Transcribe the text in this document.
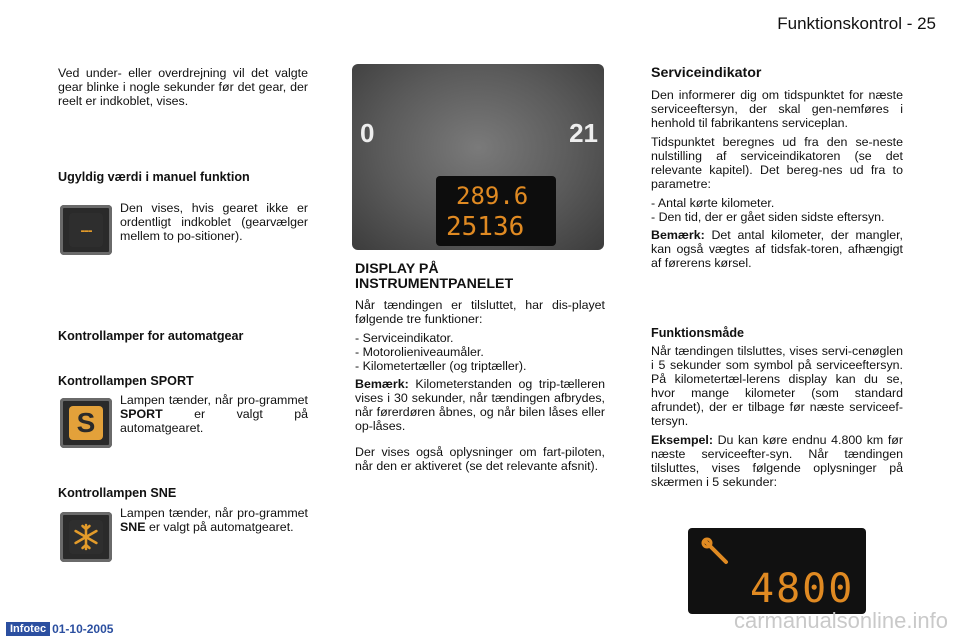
Funktionskontrol - 25

Ved under- eller overdrejning vil det valgte gear blinke i nogle sekunder før det gear, der reelt er indkoblet, vises.

Ugyldig værdi i manuel funktion
---

Den vises, hvis gearet ikke er ordentligt indkoblet (gearvælger mellem to po-sitioner).

Kontrollamper for automatgear
Kontrollampen SPORT
S

Lampen tænder, når pro-grammet SPORT	er valgt på automatgearet.

Kontrollampen SNE

Lampen tænder, når pro-grammet SNE er valgt på automatgearet.

0	21
289.6
25136
DISPLAY PÅ
INSTRUMENTPANELET

Når tændingen er tilsluttet, har dis-playet følgende tre funktioner:

- Serviceindikator.
- Motorolieniveaumåler.
- Kilometertæller (og triptæller).

Bemærk: Kilometerstanden og trip-tælleren vises i 30 sekunder, når tændingen afbrydes, når førerdøren åbnes, og når bilen låses eller op-låses.

Der vises også oplysninger om fart-piloten, når den er aktiveret (se det relevante afsnit).

Serviceindikator

Den informerer dig om tidspunktet for næste serviceeftersyn, der skal gen-nemføres i henhold til fabrikantens serviceplan.

Tidspunktet beregnes ud fra den se-neste nulstilling af serviceindikatoren (se det relevante kapitel). Det bereg-nes ud fra to parametre:

- Antal kørte kilometer.
- Den tid, der er gået siden sidste eftersyn.

Bemærk: Det antal kilometer, der mangler, kan også vægtes af tidsfak-toren, afhængigt af førerens kørsel.

Funktionsmåde

Når tændingen tilsluttes, vises servi-cenøglen i 5 sekunder som symbol på serviceeftersyn. På kilometertæl-lerens display kan du se, hvor mange kilometer (som standard afrundet), der er tilbage før næste serviceef-tersyn.

Eksempel: Du kan køre endnu 4.800 km før næste serviceefter-syn. Når tændingen tilsluttes, vises følgende oplysninger på skærmen i 5 sekunder:

4800
Infotec 01-10-2005	carmanualsonline.info
